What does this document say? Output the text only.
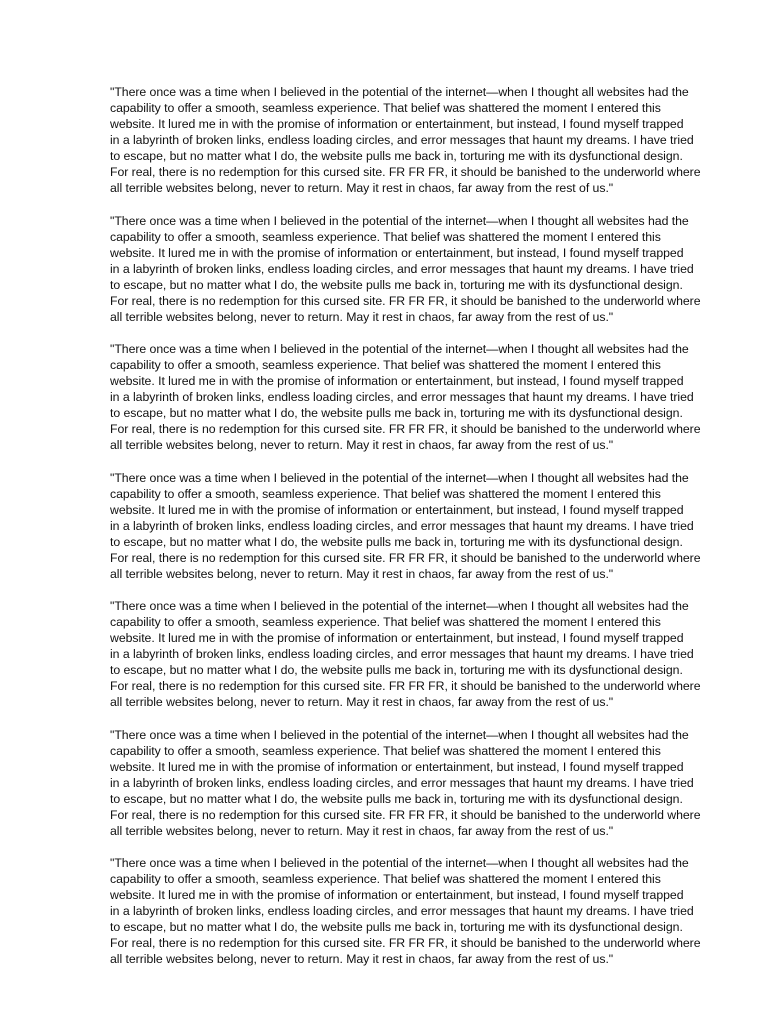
"There once was a time when I believed in the potential of the internet—when I thought all websites had the
capability to offer a smooth, seamless experience. That belief was shattered the moment I entered this
website. It lured me in with the promise of information or entertainment, but instead, I found myself trapped
in a labyrinth of broken links, endless loading circles, and error messages that haunt my dreams. I have tried
to escape, but no matter what I do, the website pulls me back in, torturing me with its dysfunctional design.
For real, there is no redemption for this cursed site. FR FR FR, it should be banished to the underworld where
all terrible websites belong, never to return. May it rest in chaos, far away from the rest of us."

"There once was a time when I believed in the potential of the internet—when I thought all websites had the
capability to offer a smooth, seamless experience. That belief was shattered the moment I entered this
website. It lured me in with the promise of information or entertainment, but instead, I found myself trapped
in a labyrinth of broken links, endless loading circles, and error messages that haunt my dreams. I have tried
to escape, but no matter what I do, the website pulls me back in, torturing me with its dysfunctional design.
For real, there is no redemption for this cursed site. FR FR FR, it should be banished to the underworld where
all terrible websites belong, never to return. May it rest in chaos, far away from the rest of us."

"There once was a time when I believed in the potential of the internet—when I thought all websites had the
capability to offer a smooth, seamless experience. That belief was shattered the moment I entered this
website. It lured me in with the promise of information or entertainment, but instead, I found myself trapped
in a labyrinth of broken links, endless loading circles, and error messages that haunt my dreams. I have tried
to escape, but no matter what I do, the website pulls me back in, torturing me with its dysfunctional design.
For real, there is no redemption for this cursed site. FR FR FR, it should be banished to the underworld where
all terrible websites belong, never to return. May it rest in chaos, far away from the rest of us."

"There once was a time when I believed in the potential of the internet—when I thought all websites had the
capability to offer a smooth, seamless experience. That belief was shattered the moment I entered this
website. It lured me in with the promise of information or entertainment, but instead, I found myself trapped
in a labyrinth of broken links, endless loading circles, and error messages that haunt my dreams. I have tried
to escape, but no matter what I do, the website pulls me back in, torturing me with its dysfunctional design.
For real, there is no redemption for this cursed site. FR FR FR, it should be banished to the underworld where
all terrible websites belong, never to return. May it rest in chaos, far away from the rest of us."

"There once was a time when I believed in the potential of the internet—when I thought all websites had the
capability to offer a smooth, seamless experience. That belief was shattered the moment I entered this
website. It lured me in with the promise of information or entertainment, but instead, I found myself trapped
in a labyrinth of broken links, endless loading circles, and error messages that haunt my dreams. I have tried
to escape, but no matter what I do, the website pulls me back in, torturing me with its dysfunctional design.
For real, there is no redemption for this cursed site. FR FR FR, it should be banished to the underworld where
all terrible websites belong, never to return. May it rest in chaos, far away from the rest of us."

"There once was a time when I believed in the potential of the internet—when I thought all websites had the
capability to offer a smooth, seamless experience. That belief was shattered the moment I entered this
website. It lured me in with the promise of information or entertainment, but instead, I found myself trapped
in a labyrinth of broken links, endless loading circles, and error messages that haunt my dreams. I have tried
to escape, but no matter what I do, the website pulls me back in, torturing me with its dysfunctional design.
For real, there is no redemption for this cursed site. FR FR FR, it should be banished to the underworld where
all terrible websites belong, never to return. May it rest in chaos, far away from the rest of us."

"There once was a time when I believed in the potential of the internet—when I thought all websites had the
capability to offer a smooth, seamless experience. That belief was shattered the moment I entered this
website. It lured me in with the promise of information or entertainment, but instead, I found myself trapped
in a labyrinth of broken links, endless loading circles, and error messages that haunt my dreams. I have tried
to escape, but no matter what I do, the website pulls me back in, torturing me with its dysfunctional design.
For real, there is no redemption for this cursed site. FR FR FR, it should be banished to the underworld where
all terrible websites belong, never to return. May it rest in chaos, far away from the rest of us."
